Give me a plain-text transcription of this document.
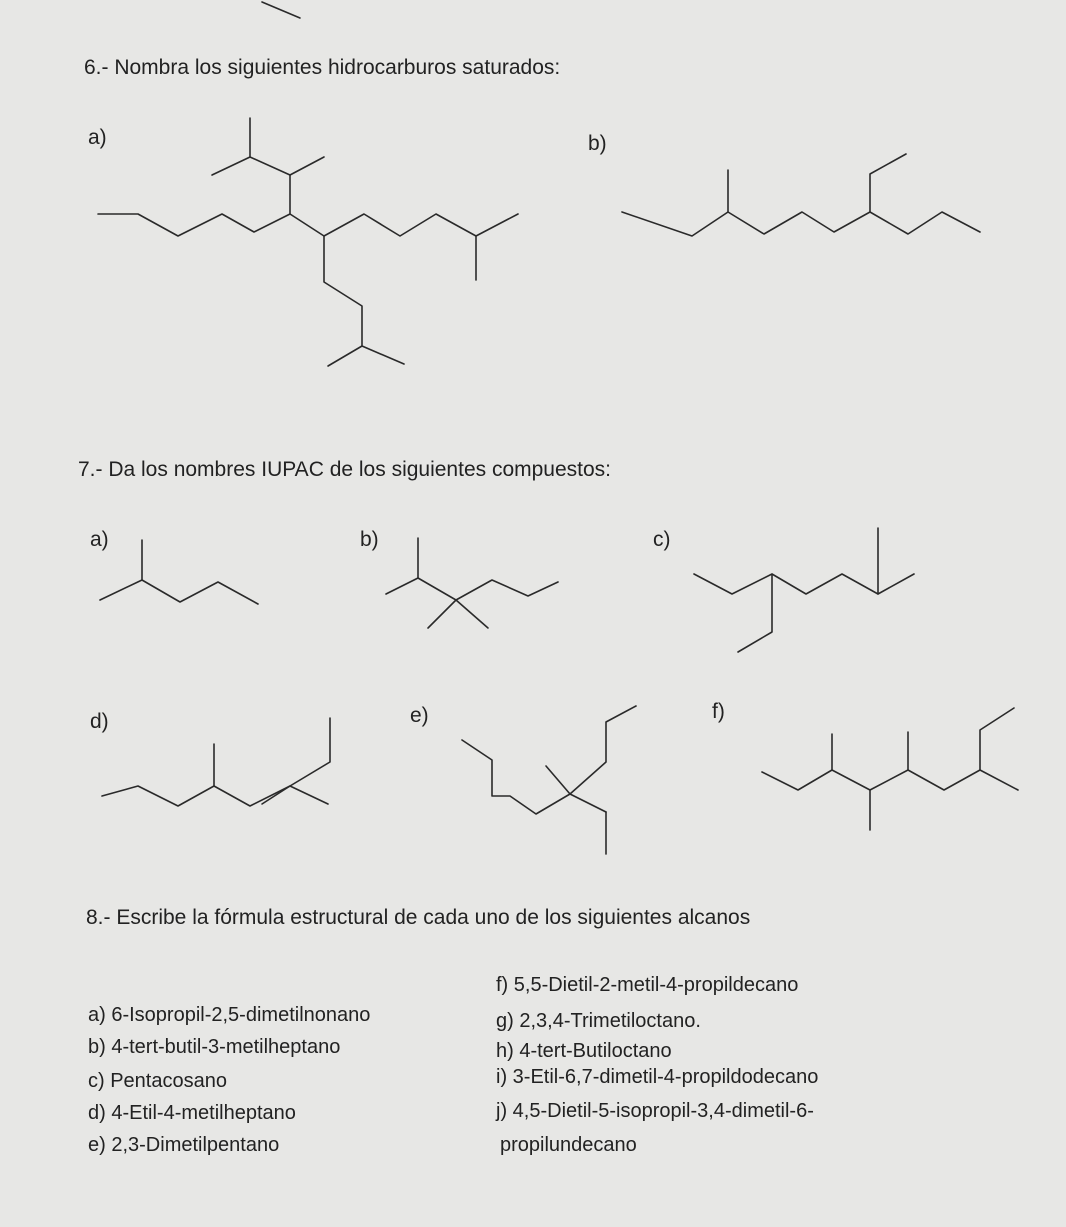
6.- Nombra los siguientes hidrocarburos saturados:
a)	b)
7.- Da los nombres IUPAC de los siguientes compuestos:
a)	b)	c)
d)	e)	f)
8.- Escribe la fórmula estructural de cada uno de los siguientes alcanos
a) 6-Isopropil-2,5-dimetilnonano
b) 4-tert-butil-3-metilheptano
c) Pentacosano
d) 4-Etil-4-metilheptano
e) 2,3-Dimetilpentano
f) 5,5-Dietil-2-metil-4-propildecano
g) 2,3,4-Trimetiloctano.
h) 4-tert-Butiloctano
i) 3-Etil-6,7-dimetil-4-propildodecano
j) 4,5-Dietil-5-isopropil-3,4-dimetil-6-
propilundecano
